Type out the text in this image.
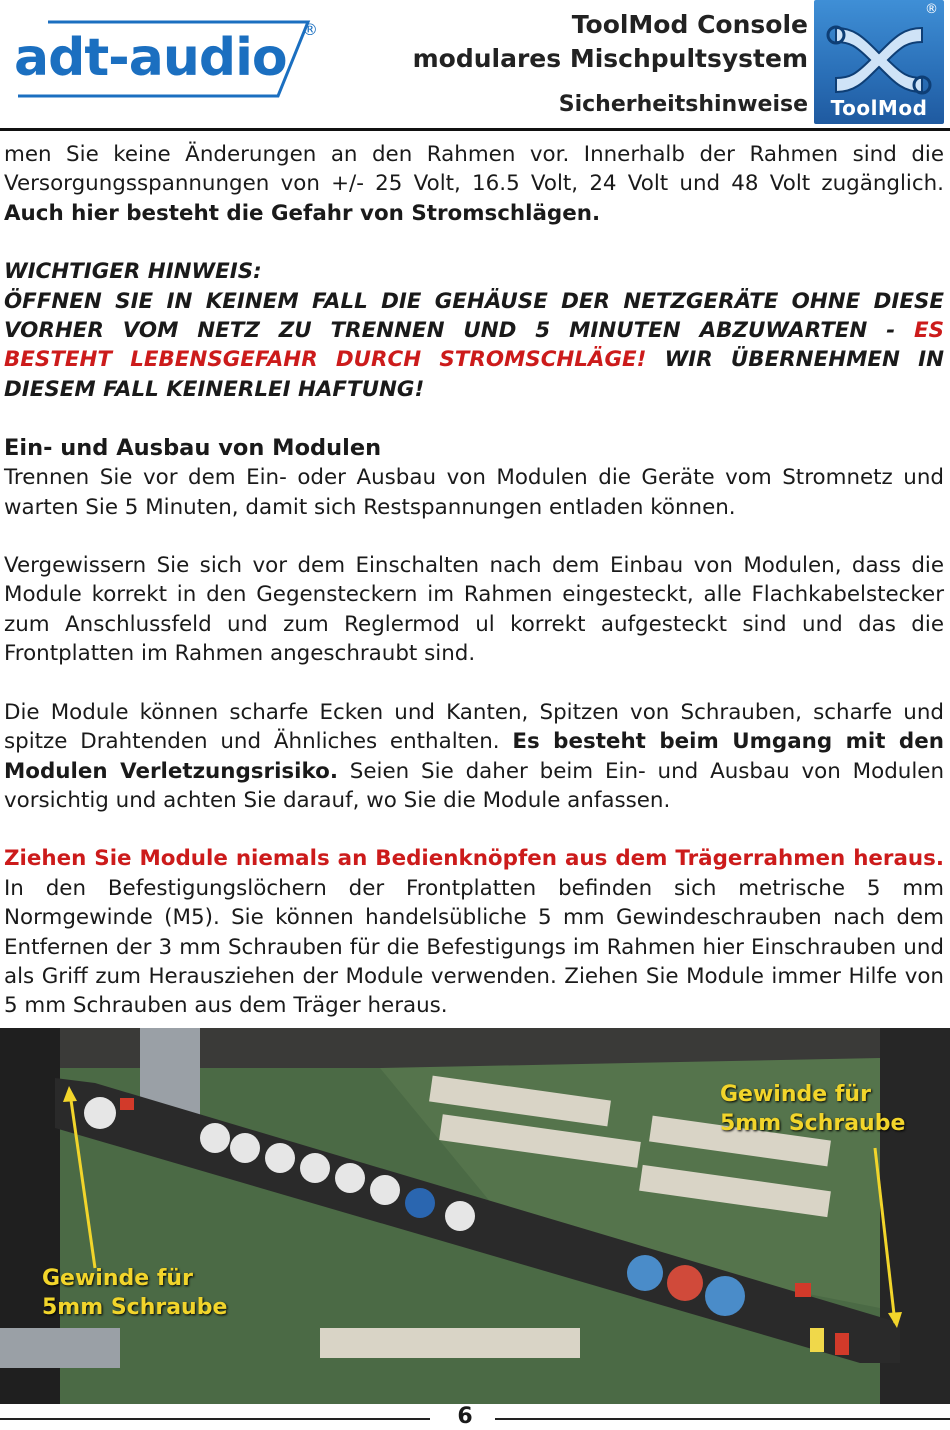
adt-audio ®	ToolMod Console
modulares Mischpultsystem
Sicherheitshinweise
®
ToolMod

men Sie keine Änderungen an den Rahmen vor. Innerhalb der Rahmen sind die Versorgungsspannungen von +/- 25 Volt, 16.5 Volt, 24 Volt und 48 Volt zugänglich. Auch hier besteht die Gefahr von Stromschlägen.

WICHTIGER HINWEIS:
ÖFFNEN SIE IN KEINEM FALL DIE GEHÄUSE DER NETZGERÄTE OHNE DIESE VORHER VOM NETZ ZU TRENNEN UND 5 MINUTEN ABZUWARTEN - ES BESTEHT LEBENSGEFAHR DURCH STROMSCHLÄGE! WIR ÜBERNEHMEN IN DIESEM FALL KEINERLEI HAFTUNG!

Ein- und Ausbau von Modulen

Trennen Sie vor dem Ein- oder Ausbau von Modulen die Geräte vom Stromnetz und warten Sie 5 Minuten, damit sich Restspannungen entladen können.

Vergewissern Sie sich vor dem Einschalten nach dem Einbau von Modulen, dass die Module korrekt in den Gegensteckern im Rahmen eingesteckt, alle Flachkabelstecker zum Anschlussfeld und zum Reglermod ul korrekt aufgesteckt sind und das die Frontplatten im Rahmen angeschraubt sind.

Die Module können scharfe Ecken und Kanten, Spitzen von Schrauben, scharfe und spitze Drahtenden und Ähnliches enthalten. Es besteht beim Umgang mit den Modulen Verletzungsrisiko. Seien Sie daher beim Ein- und Ausbau von Modulen vorsichtig und achten Sie darauf, wo Sie die Module anfassen.

Ziehen Sie Module niemals an Bedienknöpfen aus dem Trägerrahmen heraus. In den Befestigungslöchern der Frontplatten befinden sich metrische 5 mm Normgewinde (M5). Sie können handelsübliche 5 mm Gewindeschrauben nach dem Entfernen der 3 mm Schrauben für die Befestigungs im Rahmen hier Einschrauben und als Griff zum Herausziehen der Module verwenden. Ziehen Sie Module immer Hilfe von 5 mm Schrauben aus dem Träger heraus.

Gewinde für
5mm Schraube
Gewinde für
5mm Schraube
6
